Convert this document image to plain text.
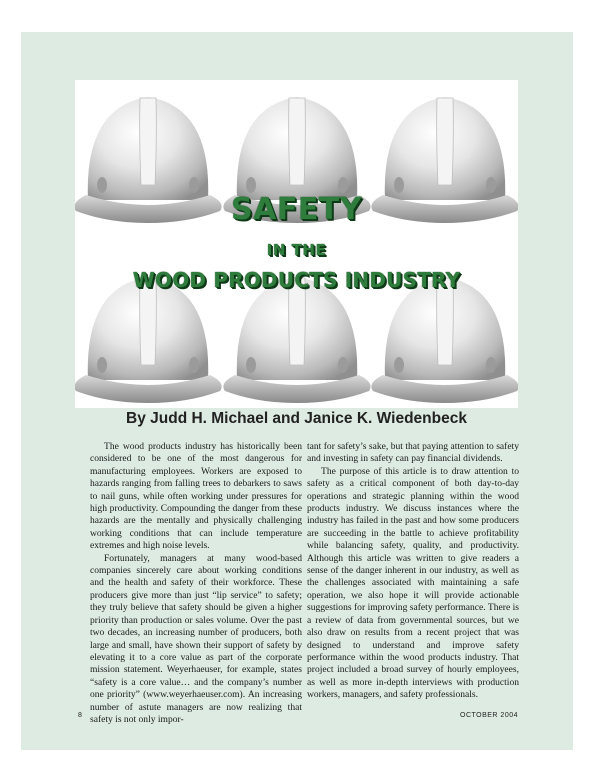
SAFETY
IN THE
WOOD PRODUCTS INDUSTRY
By Judd H. Michael and Janice K. Wiedenbeck

The wood products industry has historically been considered to be one of the most dangerous for manufacturing employees. Workers are exposed to hazards ranging from falling trees to debarkers to saws to nail guns, while often working under pressures for high productivity. Compounding the danger from these hazards are the mentally and physically challenging working conditions that can include temperature extremes and high noise levels.

Fortunately, managers at many wood-based companies sincerely care about working conditions and the health and safety of their workforce. These producers give more than just “lip service” to safety; they truly believe that safety should be given a higher priority than production or sales volume. Over the past two decades, an increasing number of producers, both large and small, have shown their support of safety by elevating it to a core value as part of the corporate mission statement. Weyerhaeuser, for example, states “safety is a core value… and the company’s number one priority” (www.weyerhaeuser.com). An increasing number of astute managers are now realizing that safety is not only impor-

tant for safety’s sake, but that paying attention to safety and investing in safety can pay financial dividends.

The purpose of this article is to draw attention to safety as a critical component of both day-to-day operations and strategic planning within the wood products industry. We discuss instances where the industry has failed in the past and how some producers are succeeding in the battle to achieve profitability while balancing safety, quality, and productivity. Although this article was written to give readers a sense of the danger inherent in our industry, as well as the challenges associated with maintaining a safe operation, we also hope it will provide actionable suggestions for improving safety performance. There is a review of data from governmental sources, but we also draw on results from a recent project that was designed to understand and improve safety performance within the wood products industry. That project included a broad survey of hourly employees, as well as more in-depth interviews with production workers, managers, and safety professionals.

8	OCTOBER 2004
